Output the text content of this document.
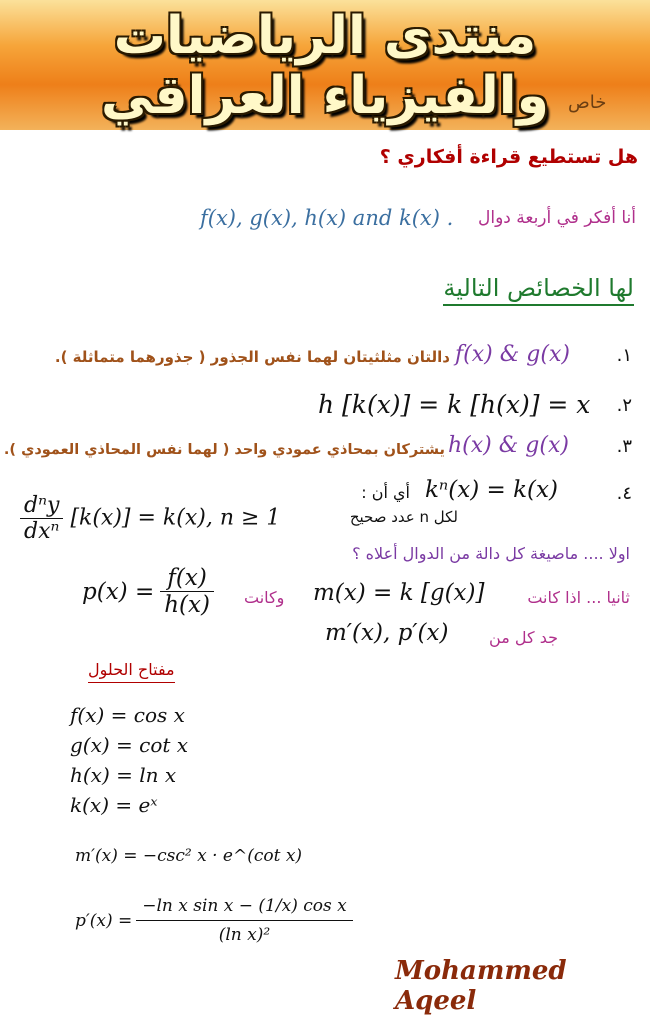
منتدى الرياضيات والفيزياء العراقي	خاص
هل تستطيع قراءة أفكاري ؟
أنا أفكر في أربعة دوال
f(x), g(x), h(x) and k(x) .
لها الخصائص التالية
.١
f(x) & g(x)
دالتان مثلثيتان لهما نفس الجذور ( جذورهما متماثلة ).
.٢
h [k(x)] = k [h(x)] = x
.٣
h(x) & g(x)
يشتركان بمحاذي عمودي واحد ( لهما نفس المحاذي العمودي ).
.٤
kⁿ(x) = k(x)
أي أن :
$\frac{\text{dⁿy}}{\text{dxⁿ}} [k(x)] = k(x)$, n ≥ 1	لكل n عدد صحيح
اولا .... ماصيغة كل دالة من الدوال أعلاه ؟
ثانيا ... اذا كانت
m(x) = k [g(x)]
وكانت
$p(x) = \frac{f(x)}{h(x)}$
جد كل من
m′(x), p′(x)
مفتاح الحلول
f(x) = cos x
g(x) = cot x
h(x) = ln x
k(x) = eˣ
m′(x) = −csc² x · e^(cot x)
$p'(x) = \frac{\text{−ln x sin x − (1/x) cos x}}{\text{(ln x)²}}$
Mohammed Aqeel
